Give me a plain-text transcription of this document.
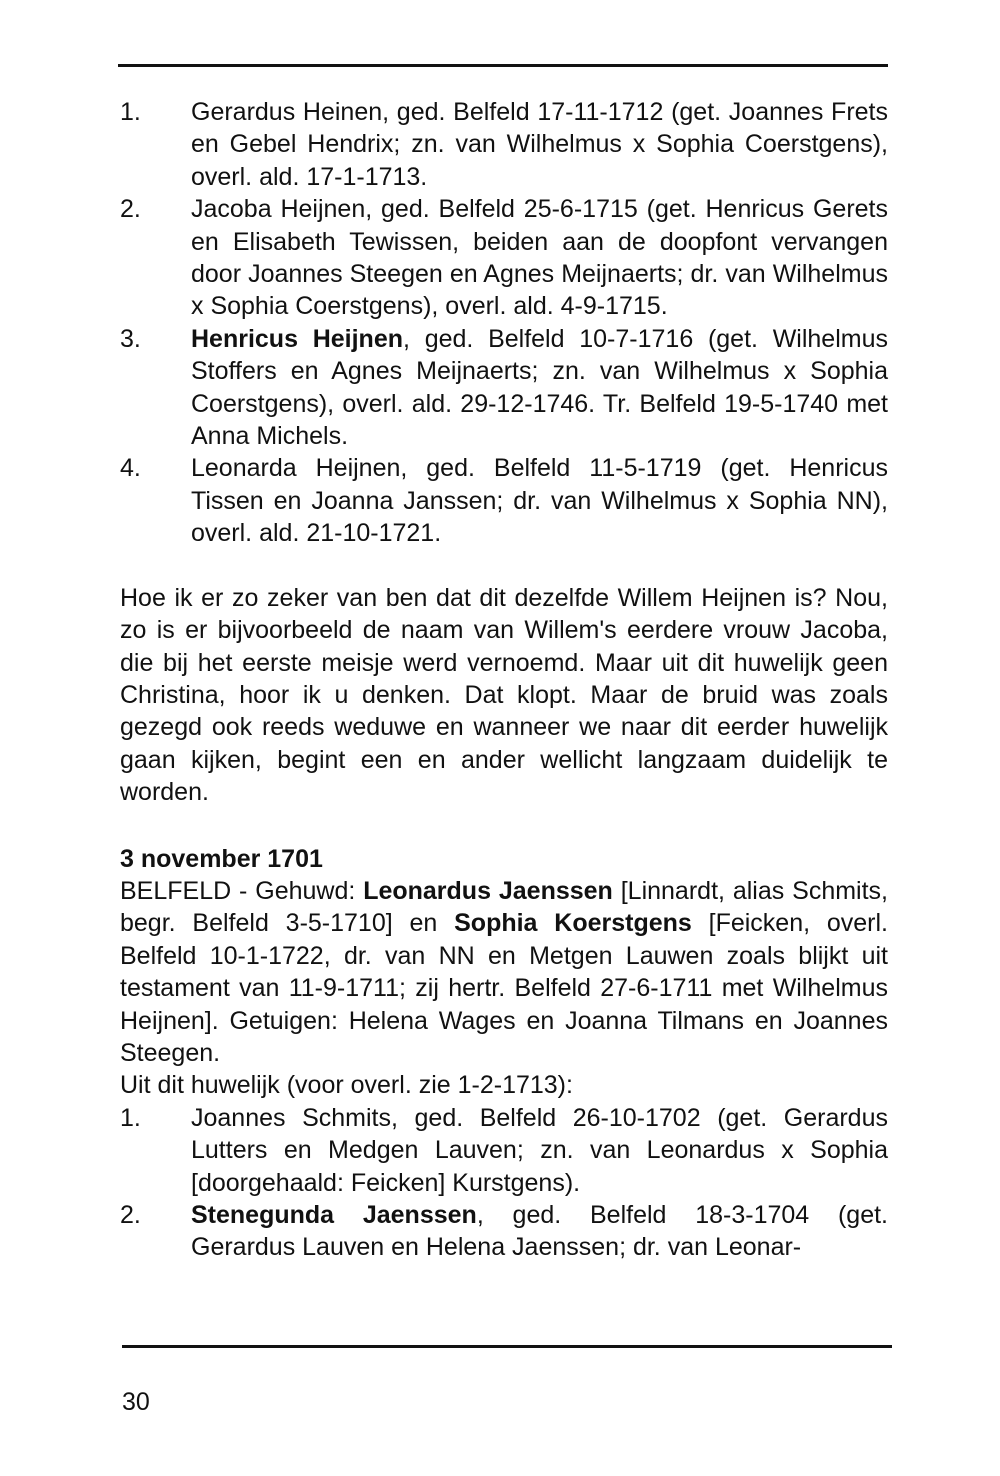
1.	Gerardus Heinen, ged. Belfeld 17-11-1712 (get. Joannes Frets en Gebel Hendrix; zn. van Wilhelmus x Sophia Coerstgens), overl. ald. 17-1-1713.
2.	Jacoba Heijnen, ged. Belfeld 25-6-1715 (get. Henricus Gerets en Elisabeth Tewissen, beiden aan de doopfont vervangen door Joannes Steegen en Agnes Meijnaerts; dr. van Wilhelmus x Sophia Coerstgens), overl. ald. 4-9-1715.
3.	Henricus Heijnen, ged. Belfeld 10-7-1716 (get. Wilhelmus Stoffers en Agnes Meijnaerts; zn. van Wilhelmus x Sophia Coerstgens), overl. ald. 29-12-1746. Tr. Belfeld 19-5-1740 met Anna Michels.
4.	Leonarda Heijnen, ged. Belfeld 11-5-1719 (get. Henricus Tissen en Joanna Janssen; dr. van Wilhelmus x Sophia NN), overl. ald. 21-10-1721.

Hoe ik er zo zeker van ben dat dit dezelfde Willem Heijnen is? Nou, zo is er bijvoorbeeld de naam van Willem's eerdere vrouw Jacoba, die bij het eerste meisje werd vernoemd. Maar uit dit huwelijk geen Christina, hoor ik u denken. Dat klopt. Maar de bruid was zoals gezegd ook reeds weduwe en wanneer we naar dit eerder huwelijk gaan kijken, begint een en ander wellicht langzaam duidelijk te worden.

3 november 1701

BELFELD - Gehuwd: Leonardus Jaenssen [Linnardt, alias Schmits, begr. Belfeld 3-5-1710] en Sophia Koerstgens [Feicken, overl. Belfeld 10-1-1722, dr. van NN en Metgen Lauwen zoals blijkt uit testament van 11-9-1711; zij hertr. Belfeld 27-6-1711 met Wilhelmus Heijnen]. Getuigen: Helena Wages en Joanna Tilmans en Joannes Steegen.

Uit dit huwelijk (voor overl. zie 1-2-1713):
1.	Joannes Schmits, ged. Belfeld 26-10-1702 (get. Gerardus Lutters en Medgen Lauven; zn. van Leonardus x Sophia [doorgehaald: Feicken] Kurstgens).
2.	Stenegunda Jaenssen, ged. Belfeld 18-3-1704 (get. Gerardus Lauven en Helena Jaenssen; dr. van Leonar-
30
